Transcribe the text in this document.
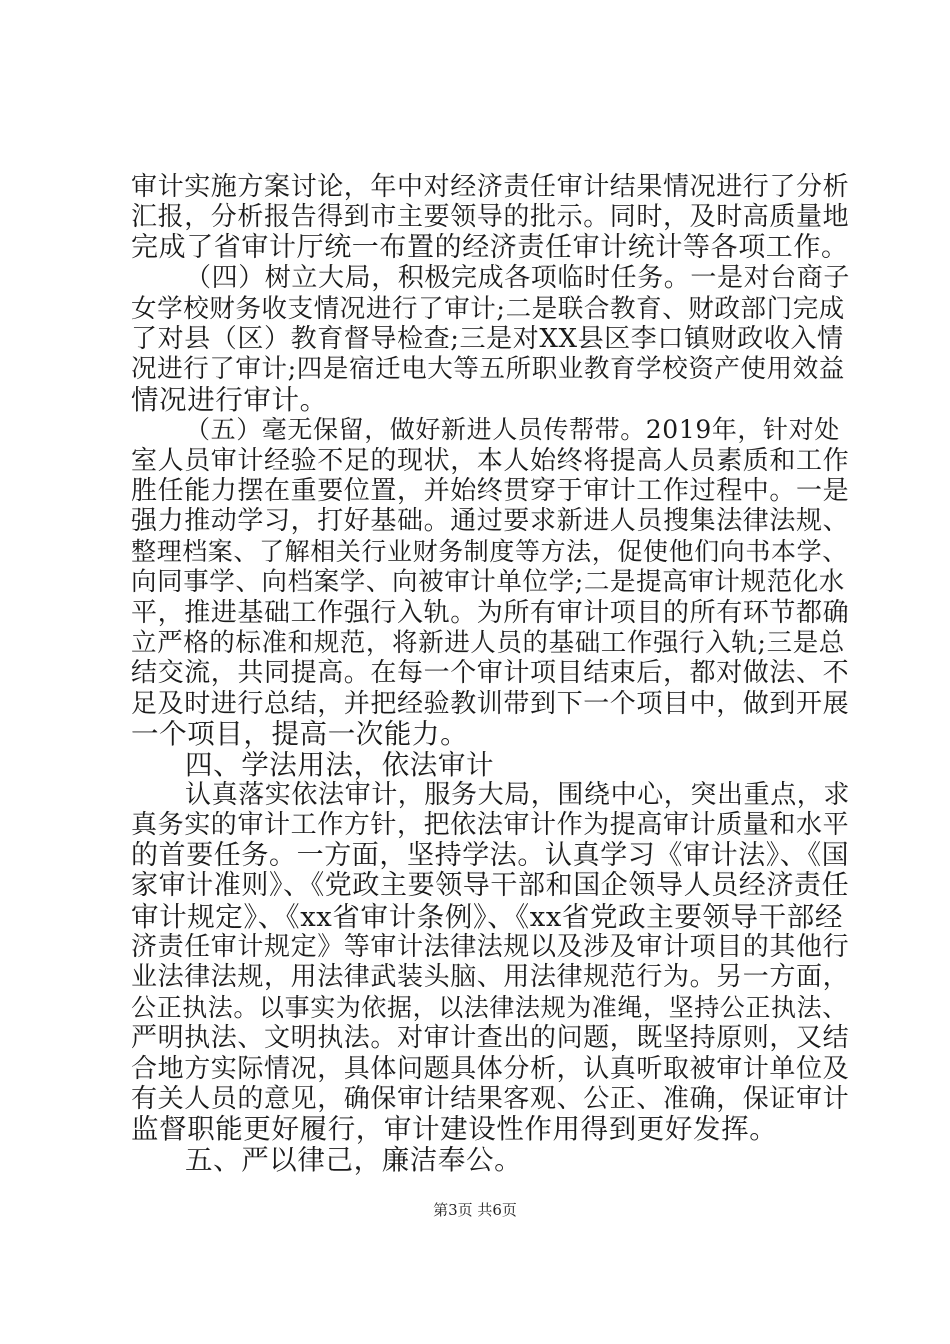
审计实施方案讨论，年中对经济责任审计结果情况进行了分析
汇报，分析报告得到市主要领导的批示。同时，及时高质量地
完成了省审计厅统一布置的经济责任审计统计等各项工作。
（四）树立大局，积极完成各项临时任务。一是对台商子
女学校财务收支情况进行了审计;二是联合教育、财政部门完成
了对县（区）教育督导检查;三是对XX县区李口镇财政收入情
况进行了审计;四是宿迁电大等五所职业教育学校资产使用效益
情况进行审计。
（五）毫无保留，做好新进人员传帮带。2019年，针对处
室人员审计经验不足的现状，本人始终将提高人员素质和工作
胜任能力摆在重要位置，并始终贯穿于审计工作过程中。一是
强力推动学习，打好基础。通过要求新进人员搜集法律法规、
整理档案、了解相关行业财务制度等方法，促使他们向书本学、
向同事学、向档案学、向被审计单位学;二是提高审计规范化水
平，推进基础工作强行入轨。为所有审计项目的所有环节都确
立严格的标准和规范，将新进人员的基础工作强行入轨;三是总
结交流，共同提高。在每一个审计项目结束后，都对做法、不
足及时进行总结，并把经验教训带到下一个项目中，做到开展
一个项目，提高一次能力。
四、学法用法，依法审计
认真落实依法审计，服务大局，围绕中心，突出重点，求
真务实的审计工作方针，把依法审计作为提高审计质量和水平
的首要任务。一方面，坚持学法。认真学习《审计法》、《国
家审计准则》、《党政主要领导干部和国企领导人员经济责任
审计规定》、《xx省审计条例》、《xx省党政主要领导干部经
济责任审计规定》等审计法律法规以及涉及审计项目的其他行
业法律法规，用法律武装头脑、用法律规范行为。另一方面，
公正执法。以事实为依据，以法律法规为准绳，坚持公正执法、
严明执法、文明执法。对审计查出的问题，既坚持原则，又结
合地方实际情况，具体问题具体分析，认真听取被审计单位及
有关人员的意见，确保审计结果客观、公正、准确，保证审计
监督职能更好履行，审计建设性作用得到更好发挥。
五、严以律己，廉洁奉公。
第3页 共6页
